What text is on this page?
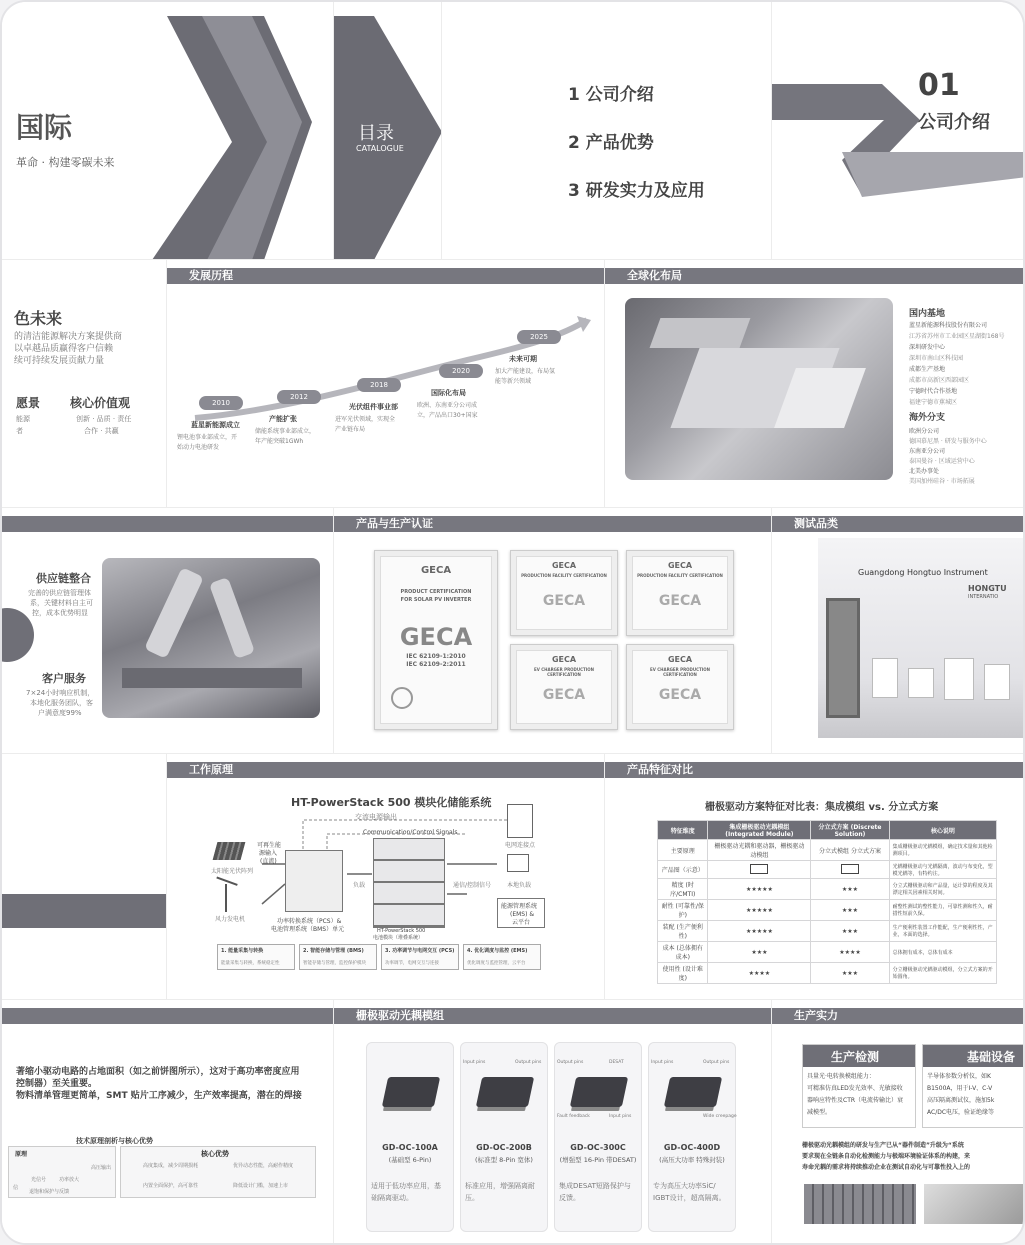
国际
革命 · 构建零碳未来
目录
CATALOGUE
1 公司介绍
2 产品优势
3 研发实力及应用
01
公司介绍
色未来
的清洁能源解决方案提供商
以卓越品质赢得客户信赖
续可持续发展贡献力量
愿景
能源
者
核心价值观
创新 · 品质 · 责任
合作 · 共赢
发展历程
2010
蓝星新能源成立
锂电池事业部成立，开
始动力电池研发
2012
产能扩张
储能系统事业部成立，
年产能突破1GWh
2018
光伏组件事业部
进军光伏领域，实现全
产业链布局
2020
国际化布局
欧洲、东南亚分公司成
立，产品出口30+国家
2025
未来可期
加大产能建设，布局氢
能等新兴领域
全球化布局
国内基地
蓝星新能源科技股份有限公司
江苏省苏州市工业园区星湖街168号
深圳研发中心
深圳市南山区科技园
成都生产基地
成都市高新区西部园区
宁德时代合作基地
福建宁德市蕉城区
海外分支
欧洲分公司
德国慕尼黑 · 研发与服务中心
东南亚分公司
泰国曼谷 · 区域运营中心
北美办事处
美国加州硅谷 · 市场拓展
供应链整合
完善的供应链管理体
系，关键材料自主可
控，成本优势明显
客户服务
7×24小时响应机制，
本地化服务团队，客
户满意度99%
产品与生产认证
GECA
PRODUCT CERTIFICATION
FOR SOLAR PV INVERTER
GECA
IEC 62109-1:2010
IEC 62109-2:2011
GECA
PRODUCTION FACILITY CERTIFICATION
GECA
GECA
PRODUCTION FACILITY CERTIFICATION
GECA
GECA
EV CHARGER PRODUCTION CERTIFICATION
GECA
GECA
EV CHARGER PRODUCTION CERTIFICATION
GECA
测试品类
Guangdong Hongtuo Instrument
HONGTU
INTERNATIO
工作原理
HT-PowerStack 500 模块化储能系统
交流电源输出
Communication/Control Signals
太阳能光伏阵列
风力发电机
可再生能
源输入
(直流)
功率转换系统（PCS）&
电池管理系统（BMS）单元
负载
HT-PowerStack 500
电池模块（堆叠系统）
电网连接点
本地负载
通信/控制信号
能源管理系统
(EMS) &
云平台
1. 能量采集与转换
能量采集与转换，系统稳定性
2. 智能存储与管理 (BMS)
智能存储与管理，监控保护模块
3. 功率调节与电网交互 (PCS)
功率调节，电网交互与连接
4. 优化调度与监控 (EMS)
优化调度与监控管理，云平台
产品特征对比
栅极驱动方案特征对比表：集成模组 vs. 分立式方案
特征维度	集成栅极驱动光耦模组 (Integrated Module)	分立式方案 (Discrete Solution)	核心说明
主要原理	栅极驱动光耦和驱动器，栅极驱动动模组	分立式模组 分立式方案	集成栅极驱动光耦模组，确定技术量和其他检测项目。
产品图（示意）			光耦栅极驱动与光耦隔离，波动与布变化，型模光耦等，有特约注。
精度 (时序/CMTI)	★★★★★	★★★	分立式栅极驱动和产品量，运计算的程度及其漂定相关因素相关时间。
耐性 (可靠性/保护)	★★★★★	★★★	耐整性测试的整性能力，可靠性测和性久，耐措性短前久保。
装配 (生产便利性)	★★★★★	★★★	生产便利性装置工作能配，生产便利性性，产业，本面的选择。
成本 (总体拥有成本)	★★★	★★★★	总体拥有成本，总体有成本
使用性 (设计难度)	★★★★	★★★	分立栅极驱动光耦驱动模组，分立式方案的开始圆角。
著缩小驱动电路的占地面积（如之前饼图所示），这对于高功率密度应用
控制器）至关重要。
物料清单管理更简单，SMT 贴片工序减少，生产效率提高，潜在的焊接
技术原理剖析与核心优势
原理
光信号	功率放大
高压输出
信
退饱和保护与反馈
核心优势
高度集成，减少周期损耗	优异动态性能，高耐作精度
内置全面保护，高可靠性	降低设计门槛，加速上市
栅极驱动光耦模组
GD-OC-100A
(基础型 6-Pin)
适用于低功率应用，基
础隔离驱动。
Output pins
Input pins
GD-OC-200B
(标准型 8-Pin 宽体)
标准应用，增强隔离耐
压。
DESAT
Output pins
Input pins
Fault feedback
GD-OC-300C
(增强型 16-Pin 带DESAT)
集成DESAT短路保护与
反馈。
Output pins
Input pins
Wide creepage
GD-OC-400D
(高压大功率 特殊封装)
专为高压大功率SiC/
IGBT设计，超高隔离。
生产实力
生产检测
具量光·电转换模组能力：
可精准仿真LED发光效率、光敏接收
器响应特性及CTR（电流传输比）衰
减模型。
基础设备
半导体参数分析仪，如K
B1500A，用于I-V、C-V
高压隔离测试仪，施加5k
AC/DC电压，验证绝缘等
栅极驱动光耦模组的研发与生产已从“器件制造”升级为“系统
要求现在全链条自动化检测能力与极端环境验证体系的构建，来
寿命光耦的需求将持续推动企业在测试自动化与可靠性投入上的
